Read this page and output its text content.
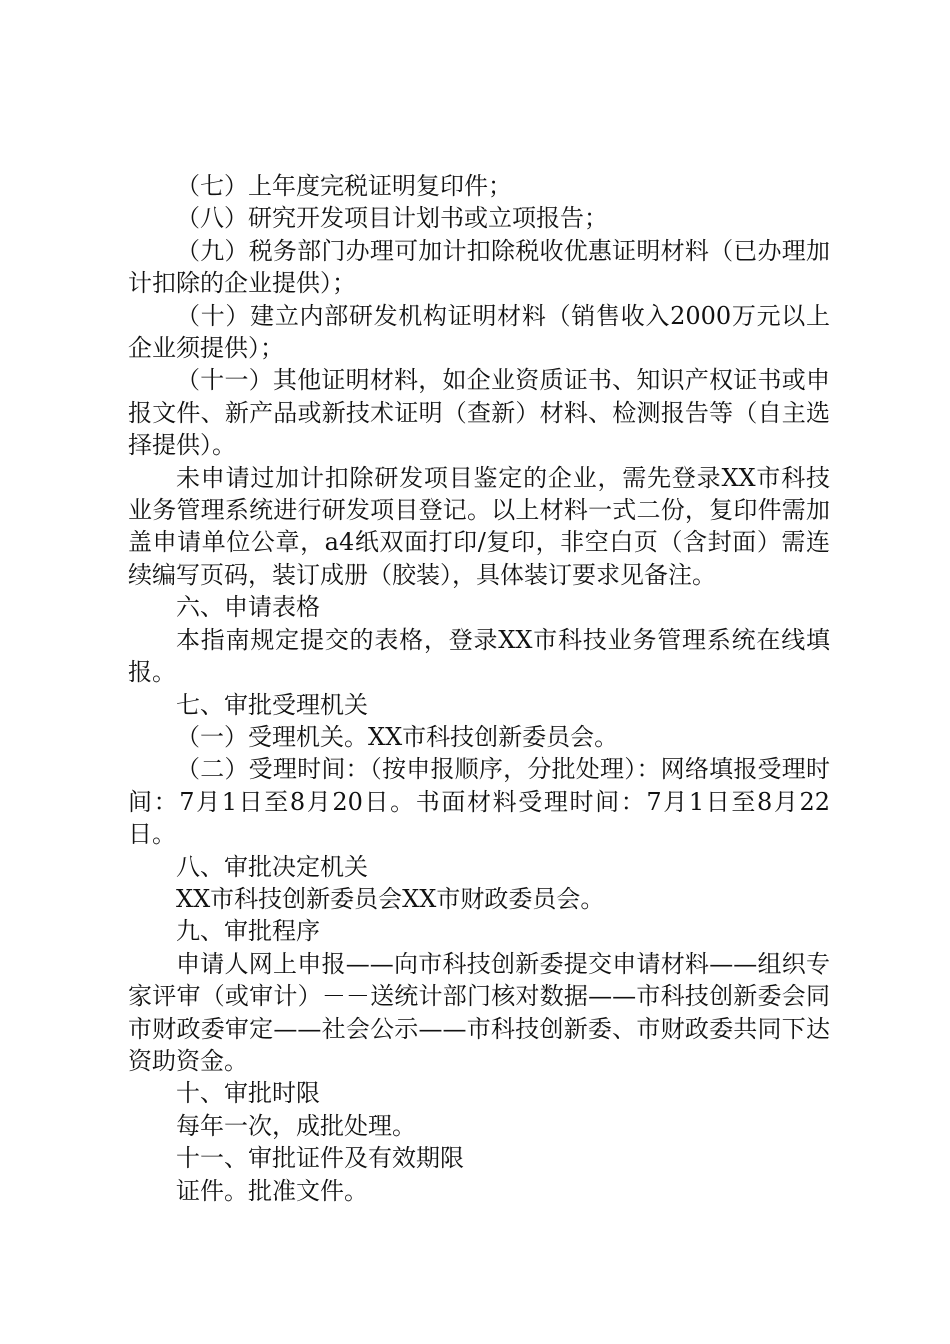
（七）上年度完税证明复印件；

（八）研究开发项目计划书或立项报告；

（九）税务部门办理可加计扣除税收优惠证明材料（已办理加计扣除的企业提供）；

（十）建立内部研发机构证明材料（销售收入2000万元以上企业须提供）；

（十一）其他证明材料，如企业资质证书、知识产权证书或申报文件、新产品或新技术证明（查新）材料、检测报告等（自主选择提供）。

未申请过加计扣除研发项目鉴定的企业，需先登录XX市科技业务管理系统进行研发项目登记。以上材料一式二份，复印件需加盖申请单位公章，a4纸双面打印/复印，非空白页（含封面）需连续编写页码，装订成册（胶装），具体装订要求见备注。

六、申请表格

本指南规定提交的表格，登录XX市科技业务管理系统在线填报。

七、审批受理机关

（一）受理机关。XX市科技创新委员会。

（二）受理时间：（按申报顺序，分批处理）：网络填报受理时间：7月1日至8月20日。书面材料受理时间：7月1日至8月22日。

八、审批决定机关

XX市科技创新委员会XX市财政委员会。

九、审批程序

申请人网上申报——向市科技创新委提交申请材料——组织专家评审（或审计）－－送统计部门核对数据——市科技创新委会同市财政委审定——社会公示——市科技创新委、市财政委共同下达资助资金。

十、审批时限

每年一次，成批处理。

十一、审批证件及有效期限

证件。批准文件。
